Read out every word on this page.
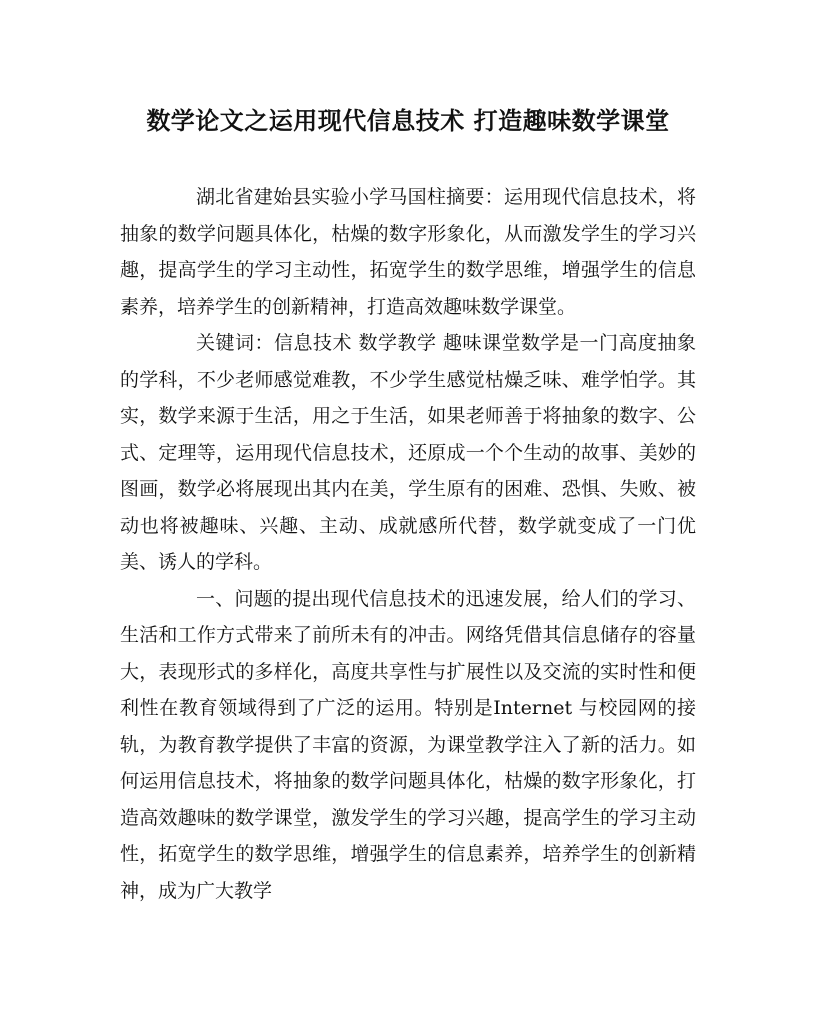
数学论文之运用现代信息技术 打造趣味数学课堂

湖北省建始县实验小学马国柱摘要：运用现代信息技术，将抽象的数学问题具体化，枯燥的数字形象化，从而激发学生的学习兴趣，提高学生的学习主动性，拓宽学生的数学思维，增强学生的信息素养，培养学生的创新精神，打造高效趣味数学课堂。

关键词：信息技术 数学教学 趣味课堂数学是一门高度抽象的学科，不少老师感觉难教，不少学生感觉枯燥乏味、难学怕学。其实，数学来源于生活，用之于生活，如果老师善于将抽象的数字、公式、定理等，运用现代信息技术，还原成一个个生动的故事、美妙的图画，数学必将展现出其内在美，学生原有的困难、恐惧、失败、被动也将被趣味、兴趣、主动、成就感所代替，数学就变成了一门优美、诱人的学科。

一、问题的提出现代信息技术的迅速发展，给人们的学习、生活和工作方式带来了前所未有的冲击。网络凭借其信息储存的容量大，表现形式的多样化，高度共享性与扩展性以及交流的实时性和便利性在教育领域得到了广泛的运用。特别是Internet 与校园网的接轨，为教育教学提供了丰富的资源，为课堂教学注入了新的活力。如何运用信息技术，将抽象的数学问题具体化，枯燥的数字形象化，打造高效趣味的数学课堂，激发学生的学习兴趣，提高学生的学习主动性，拓宽学生的数学思维，增强学生的信息素养，培养学生的创新精神，成为广大教学
